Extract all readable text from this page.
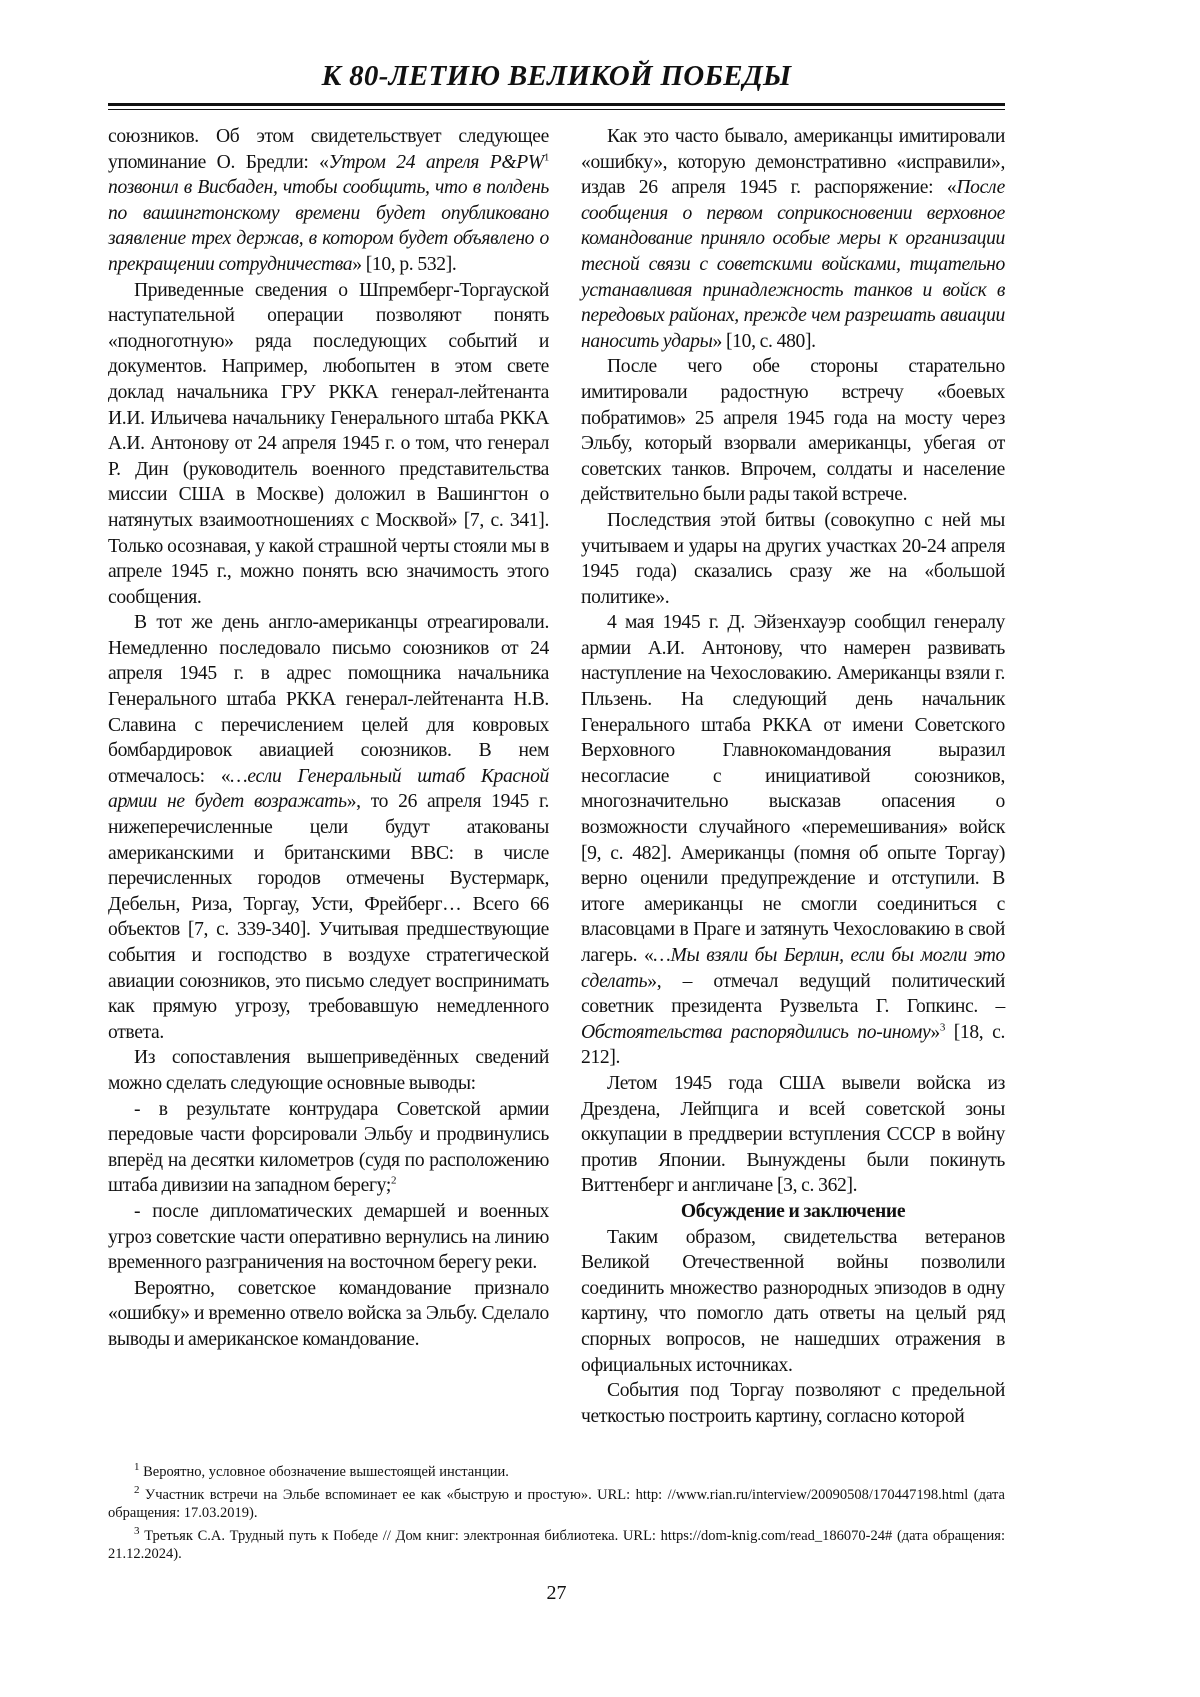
К 80-ЛЕТИЮ ВЕЛИКОЙ ПОБЕДЫ

союзников. Об этом свидетельствует следующее упоминание О. Бредли: «Утром 24 апреля P&PW1 позвонил в Висбаден, чтобы сообщить, что в полдень по вашингтонскому времени будет опубликовано заявление трех держав, в котором будет объявлено о прекращении сотрудничества» [10, p. 532].

Приведенные сведения о Шпремберг-Торгауской наступательной операции позволяют понять «подноготную» ряда последующих событий и документов. Например, любопытен в этом свете доклад начальника ГРУ РККА генерал-лейтенанта И.И. Ильичева начальнику Генерального штаба РККА А.И. Антонову от 24 апреля 1945 г. о том, что генерал Р. Дин (руководитель военного представительства миссии США в Москве) доложил в Вашингтон о натянутых взаимоотношениях с Москвой» [7, с. 341]. Только осознавая, у какой страшной черты стояли мы в апреле 1945 г., можно понять всю значимость этого сообщения.

В тот же день англо-американцы отреагировали. Немедленно последовало письмо союзников от 24 апреля 1945 г. в адрес помощника начальника Генерального штаба РККА генерал-лейтенанта Н.В. Славина с перечислением целей для ковровых бомбардировок авиацией союзников. В нем отмечалось: «…если Генеральный штаб Красной армии не будет возражать», то 26 апреля 1945 г. нижеперечисленные цели будут атакованы американскими и британскими ВВС: в числе перечисленных городов отмечены Вустермарк, Дебельн, Риза, Торгау, Усти, Фрейберг… Всего 66 объектов [7, с. 339-340]. Учитывая предшествующие события и господство в воздухе стратегической авиации союзников, это письмо следует воспринимать как прямую угрозу, требовавшую немедленного ответа.

Из сопоставления вышеприведённых сведений можно сделать следующие основные выводы:

- в результате контрудара Советской армии передовые части форсировали Эльбу и продвинулись вперёд на десятки километров (судя по расположению штаба дивизии на западном берегу;2

- после дипломатических демаршей и военных угроз советские части оперативно вернулись на линию временного разграничения на восточном берегу реки.

Вероятно, советское командование признало «ошибку» и временно отвело войска за Эльбу. Сделало выводы и американское командование.

Как это часто бывало, американцы имитировали «ошибку», которую демонстративно «исправили», издав 26 апреля 1945 г. распоряжение: «После сообщения о первом соприкосновении верховное командование приняло особые меры к организации тесной связи с советскими войсками, тщательно устанавливая принадлежность танков и войск в передовых районах, прежде чем разрешать авиации наносить удары» [10, с. 480].

После чего обе стороны старательно имитировали радостную встречу «боевых побратимов» 25 апреля 1945 года на мосту через Эльбу, который взорвали американцы, убегая от советских танков. Впрочем, солдаты и население действительно были рады такой встрече.

Последствия этой битвы (совокупно с ней мы учитываем и удары на других участках 20-24 апреля 1945 года) сказались сразу же на «большой политике».

4 мая 1945 г. Д. Эйзенхауэр сообщил генералу армии А.И. Антонову, что намерен развивать наступление на Чехословакию. Американцы взяли г. Пльзень. На следующий день начальник Генерального штаба РККА от имени Советского Верховного Главнокомандования выразил несогласие с инициативой союзников, многозначительно высказав опасения о возможности случайного «перемешивания» войск [9, с. 482]. Американцы (помня об опыте Торгау) верно оценили предупреждение и отступили. В итоге американцы не смогли соединиться с власовцами в Праге и затянуть Чехословакию в свой лагерь. «…Мы взяли бы Берлин, если бы могли это сделать», – отмечал ведущий политический советник президента Рузвельта Г. Гопкинс. – Обстоятельства распорядились по-иному»3 [18, с. 212].

Летом 1945 года США вывели войска из Дрездена, Лейпцига и всей советской зоны оккупации в преддверии вступления СССР в войну против Японии. Вынуждены были покинуть Виттенберг и англичане [3, с. 362].

Обсуждение и заключение

Таким образом, свидетельства ветеранов Великой Отечественной войны позволили соединить множество разнородных эпизодов в одну картину, что помогло дать ответы на целый ряд спорных вопросов, не нашедших отражения в официальных источниках.

События под Торгау позволяют с предельной четкостью построить картину, согласно которой

1 Вероятно, условное обозначение вышестоящей инстанции.

2 Участник встречи на Эльбе вспоминает ее как «быструю и простую». URL: http: //www.rian.ru/interview/20090508/170447198.html (дата обращения: 17.03.2019).

3 Третьяк С.А. Трудный путь к Победе // Дом книг: электронная библиотека. URL: https://dom-knig.com/read_186070-24# (дата обращения: 21.12.2024).

27
